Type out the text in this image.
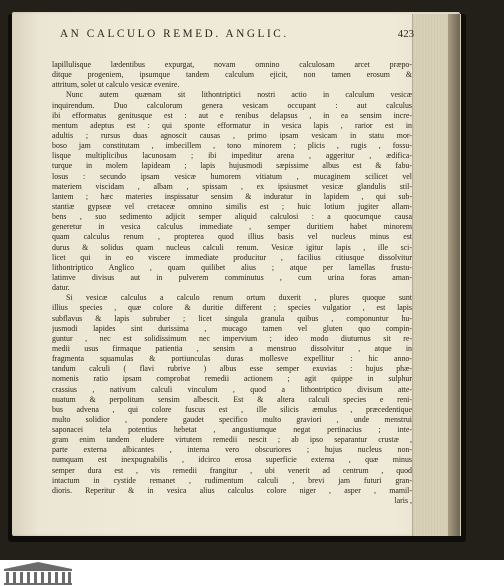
AN CALCULO REMED. ANGLIC.	423
lapillulisque lædentibus expurgat, novam omnino calculosam arcet præpo-
ditque progeniem, ipsumque tandem calculum ejicit, non tamen erosum &
attritum, solet ut calculo vesicæ evenire.
Nunc autem quænam sit lithontriptici nostri actio in calculum vesicæ
inquirendum. Duo calculorum genera vesicam occupant : aut calculus
ibi efformatus genitusque est : aut e renibus delapsus , in ea sensim incre-
mentum adeptus est : qui sponte efformatur in vesica lapis , rarior est in
adultis ; rursus duas agnoscit causas , primo ipsam vesicam in statu mor-
boso jam constitutam , imbecillem , tono minorem ; plicis , rugis , fossu-
lisque multiplicibus lacunosam ; ibi impeditur arena , aggeritur , ædifica-
turque in molem lapideam ; lapis hujusmodi sæpissime albus est & fabu-
losus : secundo ipsam vesicæ humorem vitiatum , mucaginem scilicet vel
materiem viscidam , albam , spissam , ex ipsiusmet vesicæ glandulis stil-
lantem ; hæc materies inspissatur sensim & induratur in lapidem , qui sub-
stantiæ gypseæ vel cretaceæ omnino similis est ; huic lotium jugiter allam-
bens , suo sedimento adjicit semper aliquid calculosi : a quocumque causa
generetur in vesica calculus immediate , semper duritiem habet minorem
quam calculus renum , propterea quod illius basis vel nucleus minus est
durus & solidus quam nucleus calculi renum. Vesicæ igitur lapis , ille sci-
licet qui in eo viscere immediate producitur , facilius citiusque dissolvitur
lithontriptico Anglico , quam quilibet alius ; atque per lamellas frustu-
latimve divisus aut in pulverem comminutus , cum urina foras aman-
datur.
Si vesicæ calculus a calculo renum ortum duxerit , plures quoque sunt
illius species , quæ colore & duritie different ; species vulgatior , est lapis
subflavus & lapis subruber ; licet singula granula quibus , componuntur hu-
jusmodi lapides sint durissima , mucago tamen vel gluten quo compin-
guntur , nec est solidissimum nec impervium ; ideo modo diuturnus sit re-
medii usus firmaque patientia , sensim a menstruo dissolvitur , atque in
fragmenta squamulas & portiunculas duras mollesve expellitur : hic anno-
tandum calculi ( flavi rubrive ) albus esse semper exuvias : hujus phæ-
nomenis ratio ipsam comprobat remedii actionem ; agit quippe in sulphur
crassius , nativum calculi vinculum , quod a lithontriptico divisum atte-
nuatum & perpolitum sensim albescit. Est & altera calculi species e reni-
bus advena , qui colore fuscus est , ille silicis æmulus , præcedentique
multo solidior , pondere gaudet specifico multo graviori , unde menstrui
saponacei tela potentius hebetat , angustiumque negat pertinacius ; inte-
gram enim tandem eludere virtutem remedii nescit ; ab ipso separantur crustæ ,
parte externa albicantes , interna vero obscuriores ; hujus nucleus non-
numquam est inexpugnabilis , idcirco erosa superficie externa , quæ minus
semper dura est , vis remedii frangitur , ubi venerit ad centrum , quod
intactum in cystide remanet , rudimentum calculi , brevi jam futuri gran-
dioris. Reperitur & in vesica alius calculus colore niger , asper , mamil-
laris ,
